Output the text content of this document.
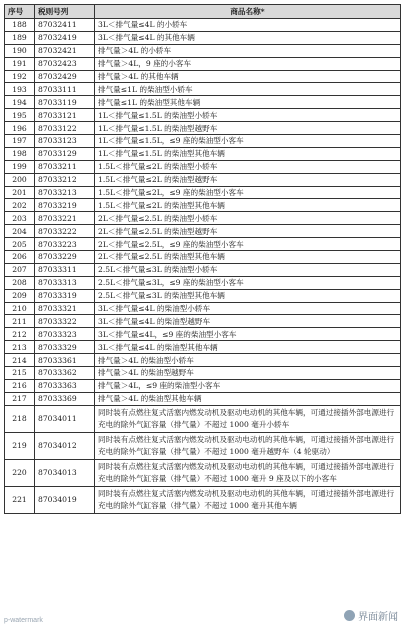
序号	税则号列	商品名称*
188	87032411	3L＜排气量≤4L 的小轿车
189	87032419	3L＜排气量≤4L 的其他车辆
190	87032421	排气量＞4L 的小轿车
191	87032423	排气量＞4L，9 座的小客车
192	87032429	排气量＞4L 的其他车辆
193	87033111	排气量≤1L 的柴油型小轿车
194	87033119	排气量≤1L 的柴油型其他车辆
195	87033121	1L＜排气量≤1.5L 的柴油型小轿车
196	87033122	1L＜排气量≤1.5L 的柴油型越野车
197	87033123	1L＜排气量≤1.5L，≤9 座的柴油型小客车
198	87033129	1L＜排气量≤1.5L 的柴油型其他车辆
199	87033211	1.5L＜排气量≤2L 的柴油型小轿车
200	87033212	1.5L＜排气量≤2L 的柴油型越野车
201	87033213	1.5L＜排气量≤2L，≤9 座的柴油型小客车
202	87033219	1.5L＜排气量≤2L 的柴油型其他车辆
203	87033221	2L＜排气量≤2.5L 的柴油型小轿车
204	87033222	2L＜排气量≤2.5L 的柴油型越野车
205	87033223	2L＜排气量≤2.5L，≤9 座的柴油型小客车
206	87033229	2L＜排气量≤2.5L 的柴油型其他车辆
207	87033311	2.5L＜排气量≤3L 的柴油型小轿车
208	87033313	2.5L＜排气量≤3L，≤9 座的柴油型小客车
209	87033319	2.5L＜排气量≤3L 的柴油型其他车辆
210	87033321	3L＜排气量≤4L 的柴油型小轿车
211	87033322	3L＜排气量≤4L 的柴油型越野车
212	87033323	3L＜排气量≤4L，≤9 座的柴油型小客车
213	87033329	3L＜排气量≤4L 的柴油型其他车辆
214	87033361	排气量＞4L 的柴油型小轿车
215	87033362	排气量＞4L 的柴油型越野车
216	87033363	排气量＞4L，≤9 座的柴油型小客车
217	87033369	排气量＞4L 的柴油型其他车辆
218	87034011	同时装有点燃往复式活塞内燃发动机及驱动电动机的其他车辆，可通过接插外部电源进行充电的除外气缸容量（排气量）不超过 1000 毫升小轿车
219	87034012	同时装有点燃往复式活塞内燃发动机及驱动电动机的其他车辆，可通过接插外部电源进行充电的除外气缸容量（排气量）不超过 1000 毫升越野车（4 轮驱动）
220	87034013	同时装有点燃往复式活塞内燃发动机及驱动电动机的其他车辆，可通过接插外部电源进行充电的除外气缸容量（排气量）不超过 1000 毫升 9 座及以下的小客车
221	87034019	同时装有点燃往复式活塞内燃发动机及驱动电动机的其他车辆，可通过接插外部电源进行充电的除外气缸容量（排气量）不超过 1000 毫升其他车辆
p-watermark	界面新闻
